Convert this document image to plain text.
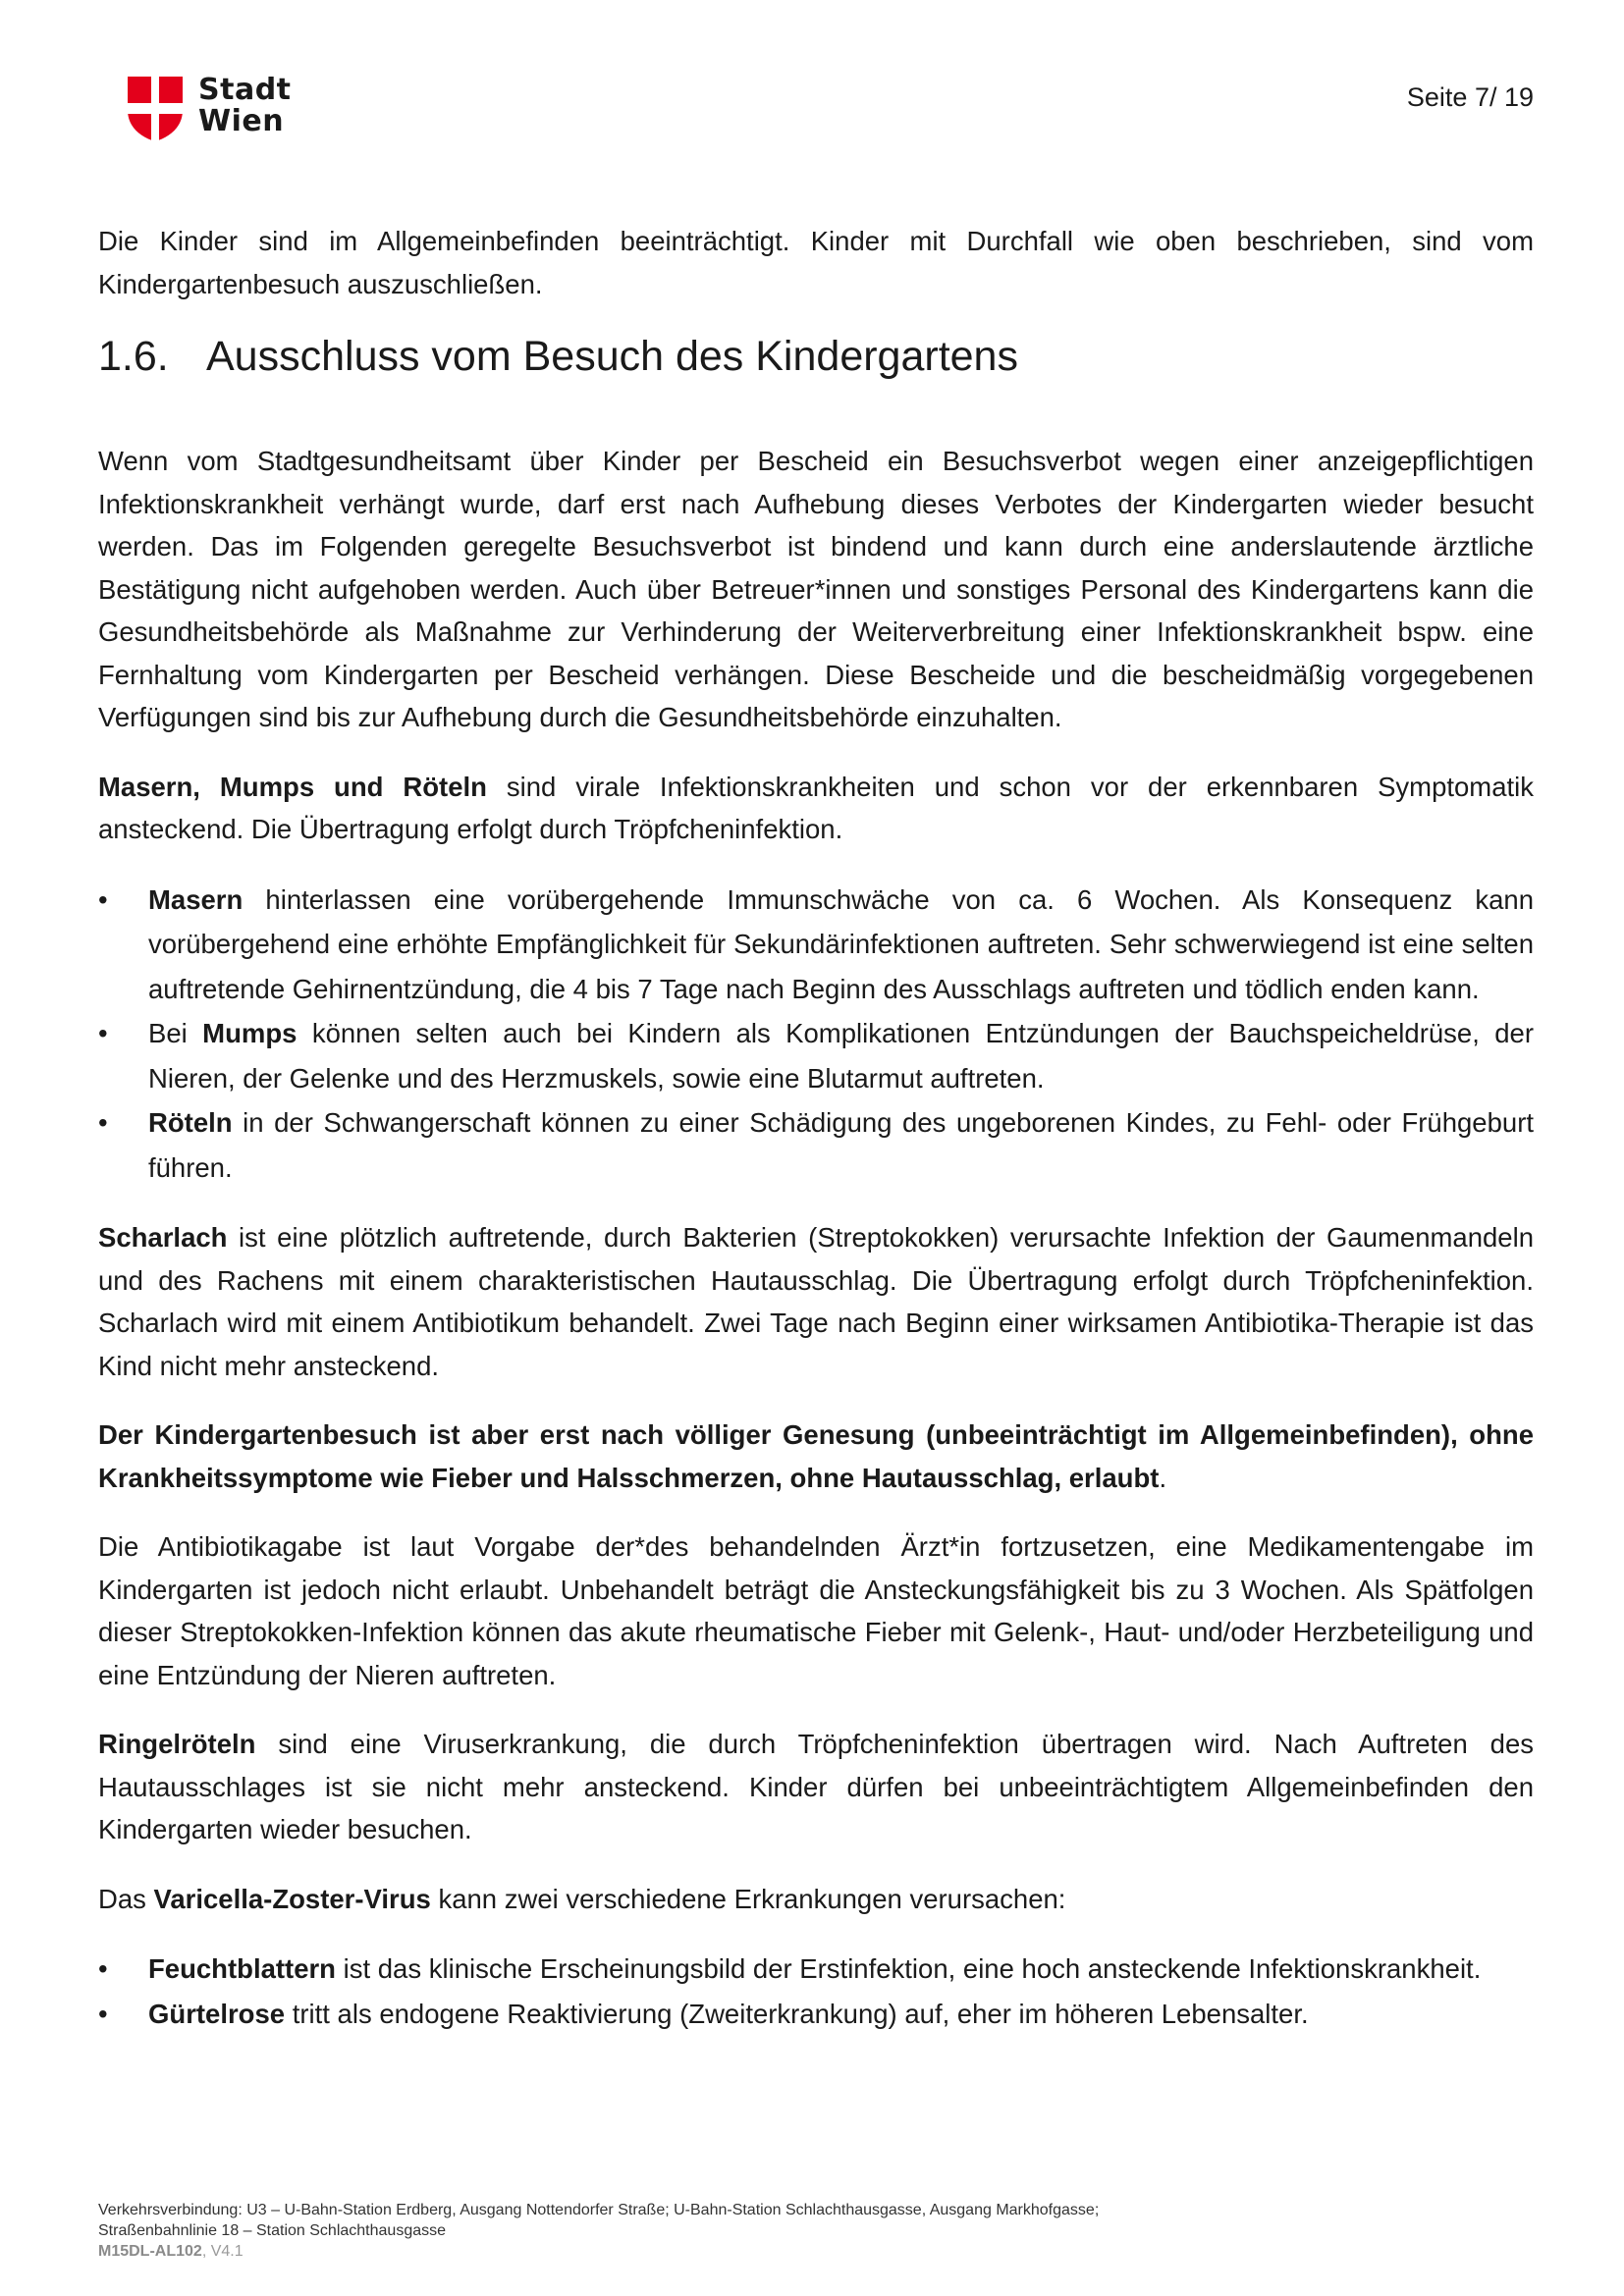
Stadt
Wien
Seite 7/ 19

Die Kinder sind im Allgemeinbefinden beeinträchtigt. Kinder mit Durchfall wie oben beschrieben, sind vom Kindergartenbesuch auszuschließen.

1.6. Ausschluss vom Besuch des Kindergartens

Wenn vom Stadtgesundheitsamt über Kinder per Bescheid ein Besuchsverbot wegen einer anzeigepflichtigen Infektionskrankheit verhängt wurde, darf erst nach Aufhebung dieses Verbotes der Kindergarten wieder besucht werden. Das im Folgenden geregelte Besuchsverbot ist bindend und kann durch eine anderslautende ärztliche Bestätigung nicht aufgehoben werden. Auch über Betreuer*innen und sonstiges Personal des Kindergartens kann die Gesundheitsbehörde als Maßnahme zur Verhinderung der Weiterverbreitung einer Infektionskrankheit bspw. eine Fernhaltung vom Kindergarten per Bescheid verhängen. Diese Bescheide und die bescheidmäßig vorgegebenen Verfügungen sind bis zur Aufhebung durch die Gesundheitsbehörde einzuhalten.

Masern, Mumps und Röteln sind virale Infektionskrankheiten und schon vor der erkennbaren Symptomatik ansteckend. Die Übertragung erfolgt durch Tröpfcheninfektion.

• Masern hinterlassen eine vorübergehende Immunschwäche von ca. 6 Wochen. Als Konsequenz kann vorübergehend eine erhöhte Empfänglichkeit für Sekundärinfektionen auftreten. Sehr schwerwiegend ist eine selten auftretende Gehirnentzündung, die 4 bis 7 Tage nach Beginn des Ausschlags auftreten und tödlich enden kann.
• Bei Mumps können selten auch bei Kindern als Komplikationen Entzündungen der Bauchspeicheldrüse, der Nieren, der Gelenke und des Herzmuskels, sowie eine Blutarmut auftreten.
• Röteln in der Schwangerschaft können zu einer Schädigung des ungeborenen Kindes, zu Fehl- oder Frühgeburt führen.

Scharlach ist eine plötzlich auftretende, durch Bakterien (Streptokokken) verursachte Infektion der Gaumenmandeln und des Rachens mit einem charakteristischen Hautausschlag. Die Übertragung erfolgt durch Tröpfcheninfektion. Scharlach wird mit einem Antibiotikum behandelt. Zwei Tage nach Beginn einer wirksamen Antibiotika-Therapie ist das Kind nicht mehr ansteckend.

Der Kindergartenbesuch ist aber erst nach völliger Genesung (unbeeinträchtigt im Allgemeinbefinden), ohne Krankheitssymptome wie Fieber und Halsschmerzen, ohne Hautausschlag, erlaubt.

Die Antibiotikagabe ist laut Vorgabe der*des behandelnden Ärzt*in fortzusetzen, eine Medikamentengabe im Kindergarten ist jedoch nicht erlaubt. Unbehandelt beträgt die Ansteckungsfähigkeit bis zu 3 Wochen. Als Spätfolgen dieser Streptokokken-Infektion können das akute rheumatische Fieber mit Gelenk-, Haut- und/oder Herzbeteiligung und eine Entzündung der Nieren auftreten.

Ringelröteln sind eine Viruserkrankung, die durch Tröpfcheninfektion übertragen wird. Nach Auftreten des Hautausschlages ist sie nicht mehr ansteckend. Kinder dürfen bei unbeeinträchtigtem Allgemeinbefinden den Kindergarten wieder besuchen.

Das Varicella-Zoster-Virus kann zwei verschiedene Erkrankungen verursachen:

• Feuchtblattern ist das klinische Erscheinungsbild der Erstinfektion, eine hoch ansteckende Infektionskrankheit.
• Gürtelrose tritt als endogene Reaktivierung (Zweiterkrankung) auf, eher im höheren Lebensalter.
Verkehrsverbindung: U3 – U-Bahn-Station Erdberg, Ausgang Nottendorfer Straße; U-Bahn-Station Schlachthausgasse, Ausgang Markhofgasse;
Straßenbahnlinie 18 – Station Schlachthausgasse
M15DL-AL102, V4.1
